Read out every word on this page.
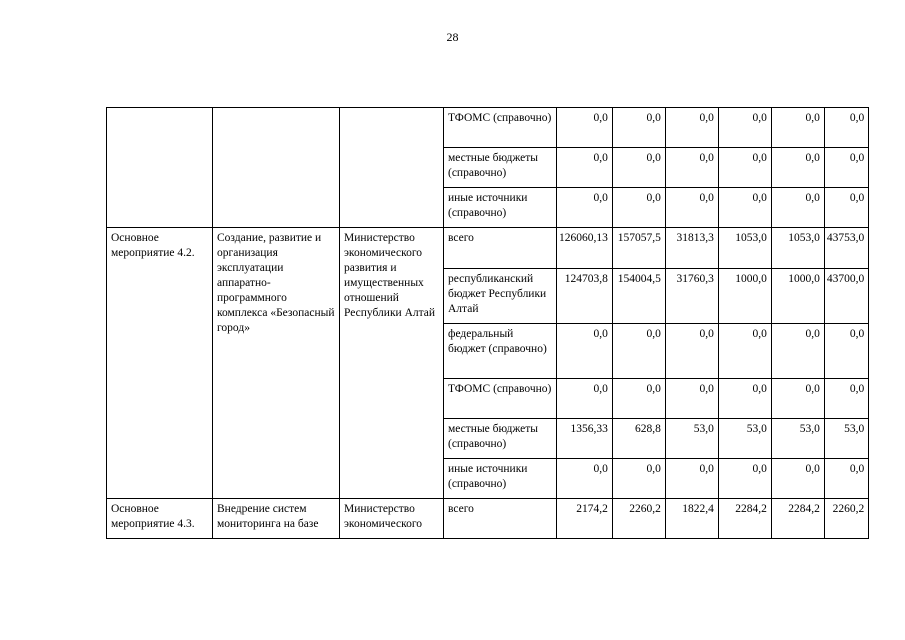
28
			ТФОМС (справочно)	0,0	0,0	0,0	0,0	0,0	0,0
			местные бюджеты (справочно)	0,0	0,0	0,0	0,0	0,0	0,0
			иные источники (справочно)	0,0	0,0	0,0	0,0	0,0	0,0
Основное мероприятие 4.2.	Создание, развитие и организация эксплуатации аппаратно-программного комплекса «Безопасный город»	Министерство экономического развития и имущественных отношений Республики Алтай	всего	126060,13	157057,5	31813,3	1053,0	1053,0	43753,0
			республиканский бюджет Республики Алтай	124703,8	154004,5	31760,3	1000,0	1000,0	43700,0
			федеральный бюджет (справочно)	0,0	0,0	0,0	0,0	0,0	0,0
			ТФОМС (справочно)	0,0	0,0	0,0	0,0	0,0	0,0
			местные бюджеты (справочно)	1356,33	628,8	53,0	53,0	53,0	53,0
			иные источники (справочно)	0,0	0,0	0,0	0,0	0,0	0,0
Основное мероприятие 4.3.	Внедрение систем мониторинга на базе	Министерство экономического	всего	2174,2	2260,2	1822,4	2284,2	2284,2	2260,2
